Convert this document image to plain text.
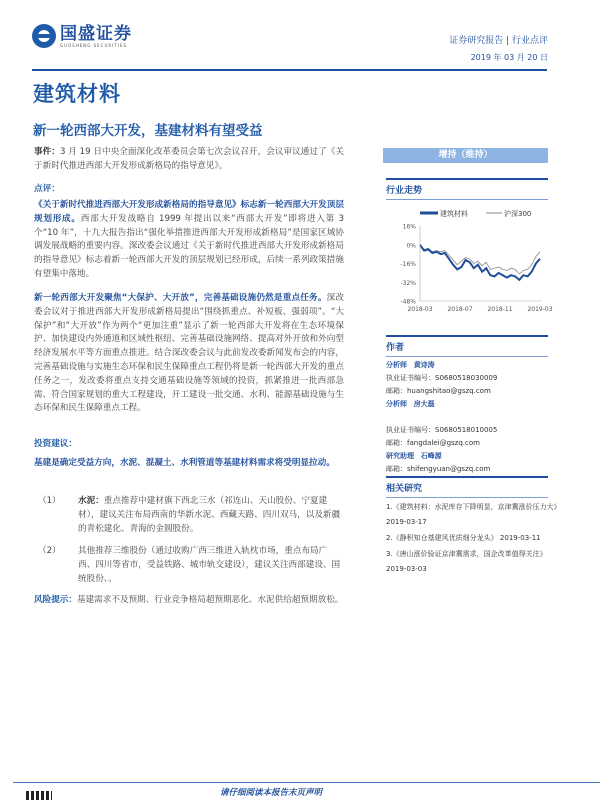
国盛证券
GUOSHENG SECURITIES	证券研究报告 | 行业点评
2019 年 03 月 20 日
建筑材料
新一轮西部大开发，基建材料有望受益
事件：3 月 19 日中央全面深化改革委员会第七次会议召开，会议审议通过了《关于新时代推进西部大开发形成新格局的指导意见》。
点评：
《关于新时代推进西部大开发形成新格局的指导意见》标志新一轮西部大开发顶层规划形成。西部大开发战略自 1999 年提出以来“西部大开发”即将进入第 3 个“10 年”，十九大报告指出“强化举措推进西部大开发形成新格局”是国家区域协调发展战略的重要内容。深改委会议通过《关于新时代推进西部大开发形成新格局的指导意见》标志着新一轮西部大开发的顶层规划已经形成，后续一系列政策措施有望集中落地。
新一轮西部大开发聚焦“大保护、大开放”，完善基础设施仍然是重点任务。深改委会议对于推进西部大开发形成新格局提出“围绕抓重点、补短板、强弱项”。“大保护”和“大开放”作为两个“更加注重”显示了新一轮西部大开发将在生态环境保护、加快建设内外通道和区域性枢纽、完善基础设施网络、提高对外开放和外向型经济发展水平等方面重点推进。结合深改委会议与此前发改委新闻发布会的内容，完善基础设施与实施生态环保和民生保障重点工程仍将是新一轮西部大开发的重点任务之一，发改委将重点支持交通基础设施等领域的投资，抓紧推进一批西部急需、符合国家规划的重大工程建设，开工建设一批交通、水利、能源基础设施与生态环保和民生保障重点工程。
投资建议：
基建是确定受益方向，水泥、混凝土、水利管道等基建材料需求将受明显拉动。
（1）	水泥：重点推荐中建材旗下西北三水（祁连山、天山股份、宁夏建材），建议关注布局西南的华新水泥、西藏天路、四川双马，以及新疆的青松建化、青海的金圆股份。
（2）	其他推荐三维股份（通过收购广西三维进入轨枕市场，重点布局广西、四川等省市，受益铁路、城市轨交建设），建议关注西部建设、国统股份、。
风险提示：基建需求不及预期、行业竞争格局超预期恶化、水泥供给超预期放松。
增持（维持）
行业走势
建筑材料	沪深300
16%
0%
-16%
-32%
-48%
2018-03 2018-07 2018-11 2019-03
作者
分析师 黄诗涛
执业证书编号：S0680518030009
邮箱：huangshitao@gszq.com
分析师 房大磊
执业证书编号：S0680518010005
邮箱：fangdalei@gszq.com
研究助理 石峰源
邮箱：shifengyuan@gszq.com
相关研究
1.《建筑材料：水泥库存下降明显，京津冀涨价压力大》
2019-03-17
2.《静积知仓基建风优质细分龙头》 2019-03-11
3.《唐山涨价验证京津冀需求，国企改革值得关注》
2019-03-03
请仔细阅读本报告末页声明
